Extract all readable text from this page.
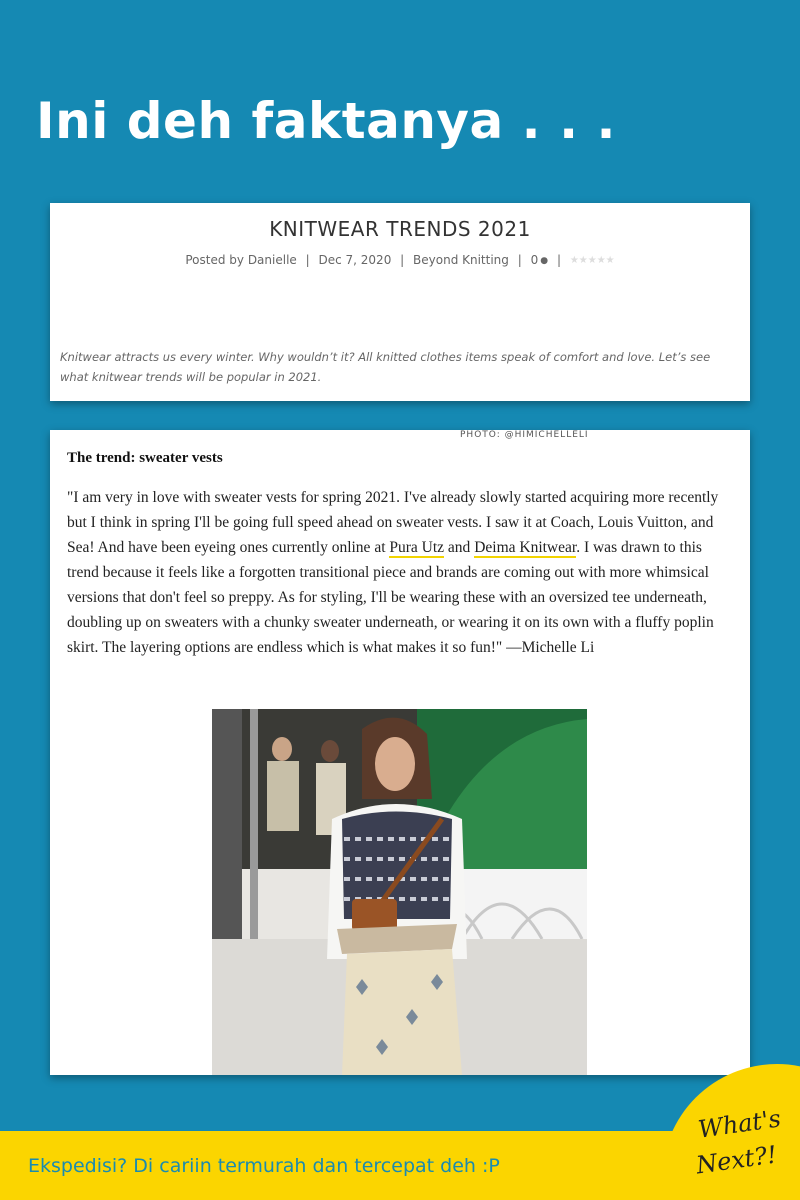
Ini deh faktanya . . .
KNITWEAR TRENDS 2021
Posted by Danielle | Dec 7, 2020 | Beyond Knitting | 0 ● | ★★★★★
Knitwear attracts us every winter. Why wouldn’t it? All knitted clothes items speak of comfort and love. Let’s see what knitwear trends will be popular in 2021.
PHOTO: @HIMICHELLELI
The trend: sweater vests
"I am very in love with sweater vests for spring 2021. I've already slowly started acquiring more recently but I think in spring I'll be going full speed ahead on sweater vests. I saw it at Coach, Louis Vuitton, and Sea! And have been eyeing ones currently online at Pura Utz and Deima Knitwear. I was drawn to this trend because it feels like a forgotten transitional piece and brands are coming out with more whimsical versions that don't feel so preppy. As for styling, I'll be wearing these with an oversized tee underneath, doubling up on sweaters with a chunky sweater underneath, or wearing it on its own with a fluffy poplin skirt. The layering options are endless which is what makes it so fun!" —Michelle Li
Ekspedisi? Di cariin termurah dan tercepat deh :P
What's
Next?!
